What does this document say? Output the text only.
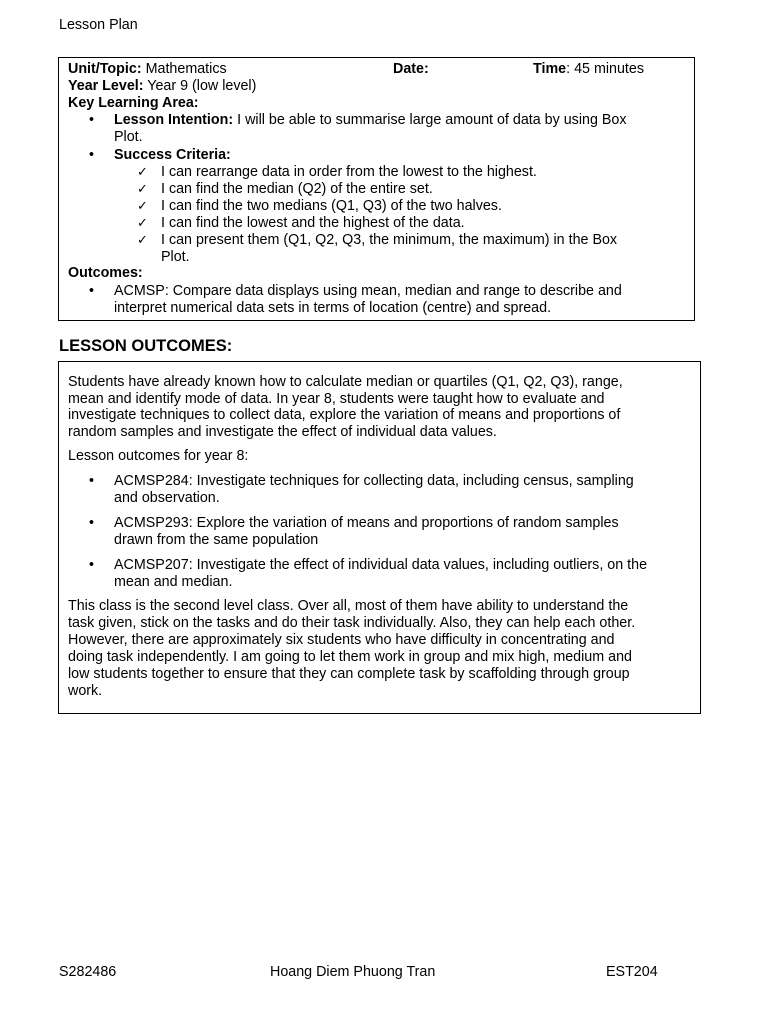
Lesson Plan
Unit/Topic: Mathematics	Date:	Time: 45 minutes
Year Level: Year 9 (low level)
Key Learning Area:
• Lesson Intention: I will be able to summarise large amount of data by using Box
Plot.
• Success Criteria:
✓ I can rearrange data in order from the lowest to the highest.
✓ I can find the median (Q2) of the entire set.
✓ I can find the two medians (Q1, Q3) of the two halves.
✓ I can find the lowest and the highest of the data.
✓ I can present them (Q1, Q2, Q3, the minimum, the maximum) in the Box
Plot.
Outcomes:
• ACMSP: Compare data displays using mean, median and range to describe and
interpret numerical data sets in terms of location (centre) and spread.
LESSON OUTCOMES:
Students have already known how to calculate median or quartiles (Q1, Q2, Q3), range,
mean and identify mode of data. In year 8, students were taught how to evaluate and
investigate techniques to collect data, explore the variation of means and proportions of
random samples and investigate the effect of individual data values.
Lesson outcomes for year 8:
• ACMSP284: Investigate techniques for collecting data, including census, sampling
and observation.
• ACMSP293: Explore the variation of means and proportions of random samples
drawn from the same population
• ACMSP207: Investigate the effect of individual data values, including outliers, on the
mean and median.
This class is the second level class. Over all, most of them have ability to understand the
task given, stick on the tasks and do their task individually. Also, they can help each other.
However, there are approximately six students who have difficulty in concentrating and
doing task independently. I am going to let them work in group and mix high, medium and
low students together to ensure that they can complete task by scaffolding through group
work.
S282486	Hoang Diem Phuong Tran	EST204
